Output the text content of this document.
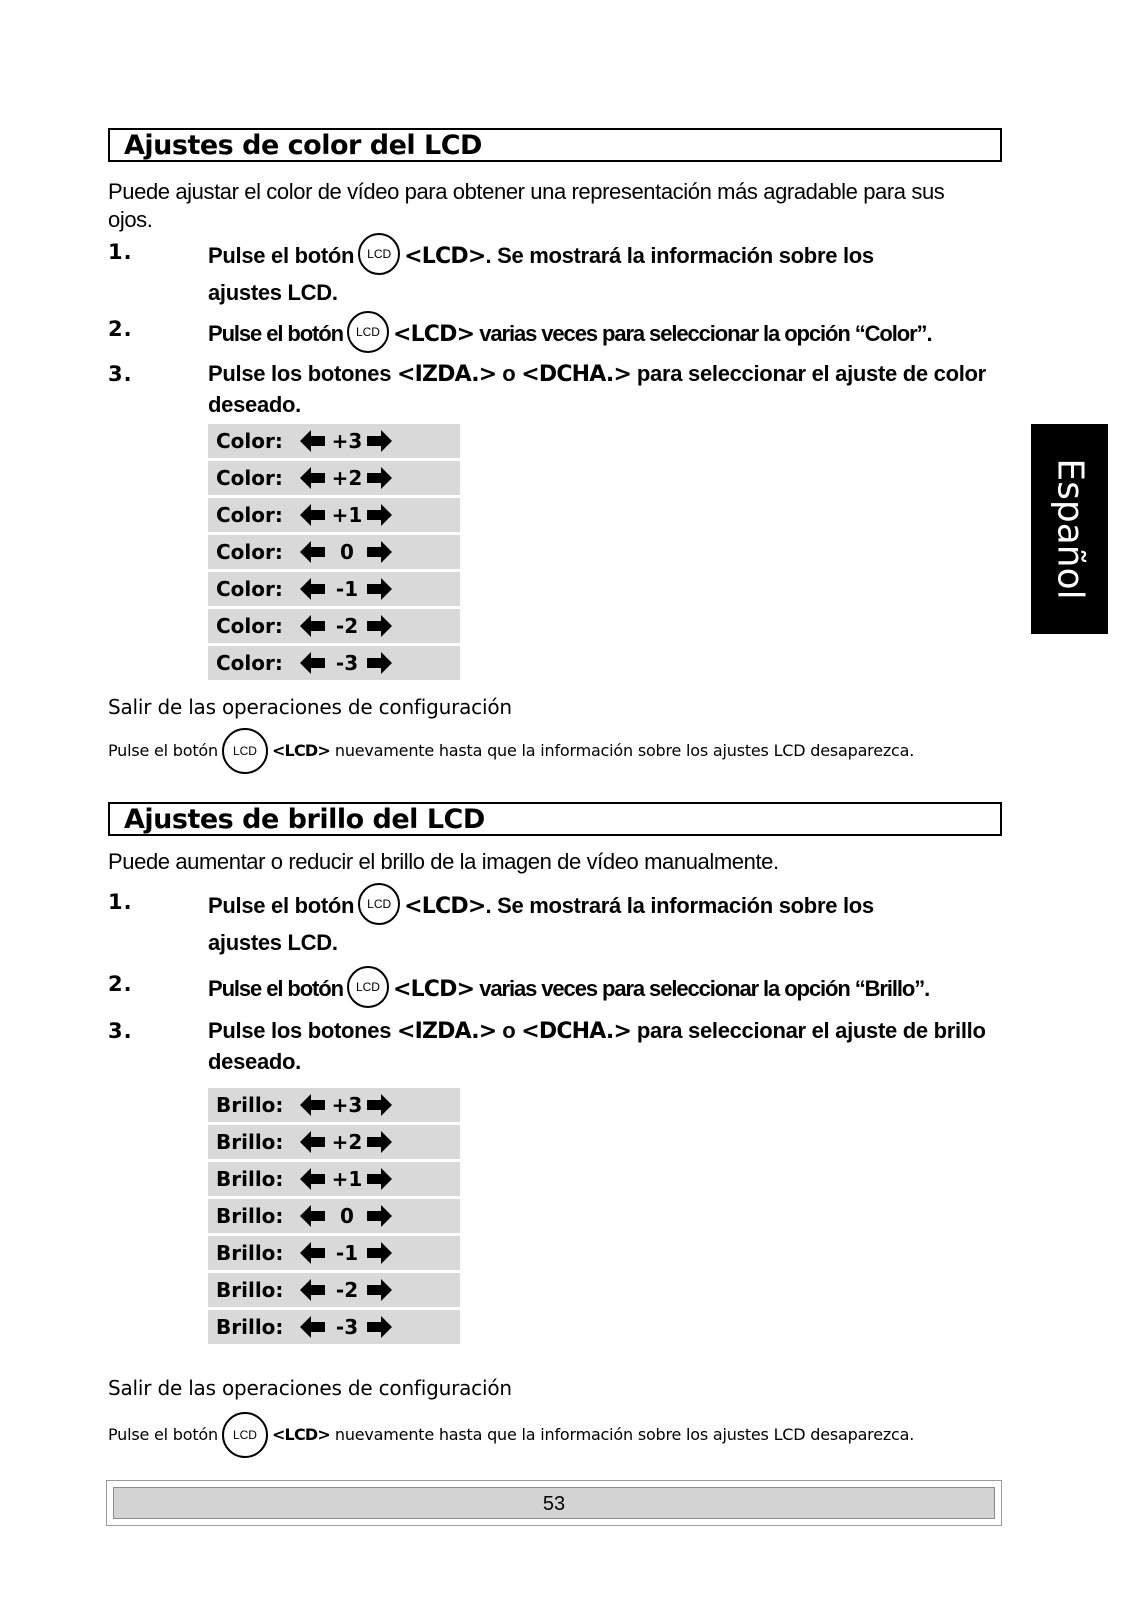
Español
Ajustes de color del LCD
Puede ajustar el color de vídeo para obtener una representación más agradable para sus ojos.
1.	Pulse el botón LCD <LCD>. Se mostrará la información sobre los
ajustes LCD.
2.	Pulse el botón LCD <LCD> varias veces para seleccionar la opción “Color”.
3.	Pulse los botones <IZDA.> o <DCHA.> para seleccionar el ajuste de color deseado.
Color: +3
Color: +2
Color: +1
Color:	0
Color:	-1
Color:	-2
Color:	-3
Salir de las operaciones de configuración
Pulse el botón LCD <LCD> nuevamente hasta que la información sobre los ajustes LCD desaparezca.
Ajustes de brillo del LCD
Puede aumentar o reducir el brillo de la imagen de vídeo manualmente.
1.	Pulse el botón LCD <LCD>. Se mostrará la información sobre los
ajustes LCD.
2.	Pulse el botón LCD <LCD> varias veces para seleccionar la opción “Brillo”.
3.	Pulse los botones <IZDA.> o <DCHA.> para seleccionar el ajuste de brillo deseado.
Brillo: +3
Brillo: +2
Brillo: +1
Brillo:	0
Brillo:	-1
Brillo:	-2
Brillo:	-3
Salir de las operaciones de configuración
Pulse el botón LCD <LCD> nuevamente hasta que la información sobre los ajustes LCD desaparezca.
53
